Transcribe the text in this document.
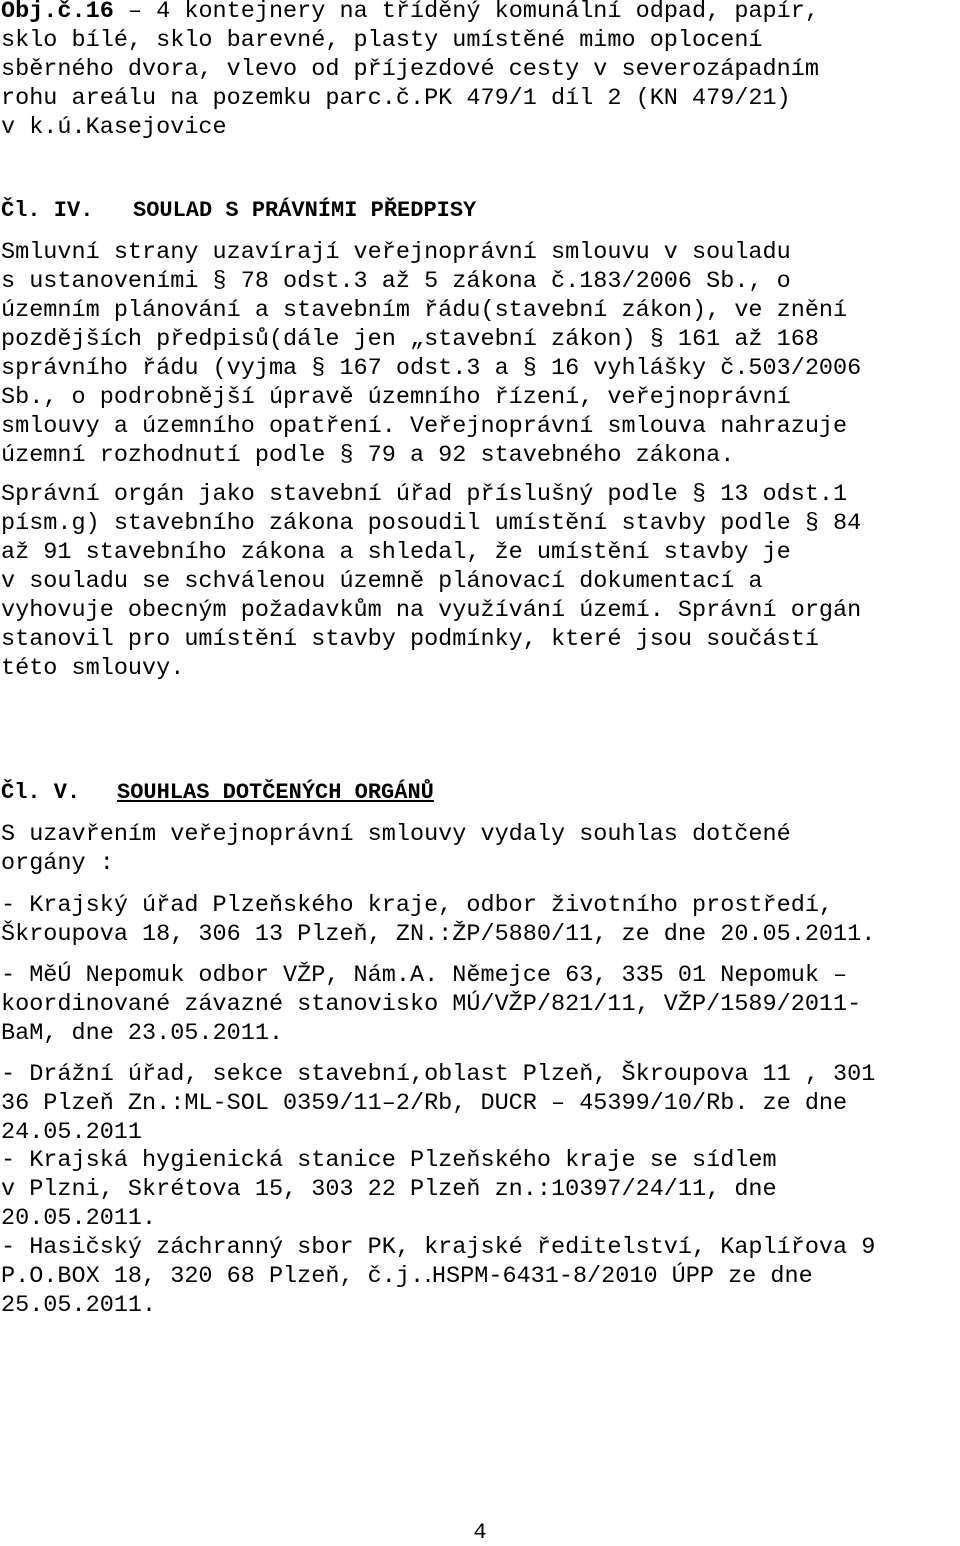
Obj.č.16 – 4 kontejnery na tříděný komunální odpad, papír,
sklo bílé, sklo barevné, plasty umístěné mimo oplocení
sběrného dvora, vlevo od příjezdové cesty v severozápadním
rohu areálu na pozemku parc.č.PK 479/1 díl 2 (KN 479/21)
v k.ú.Kasejovice
Čl. IV. SOULAD S PRÁVNÍMI PŘEDPISY
Smluvní strany uzavírají veřejnoprávní smlouvu v souladu
s ustanoveními § 78 odst.3 až 5 zákona č.183/2006 Sb., o
územním plánování a stavebním řádu(stavební zákon), ve znění
pozdějších předpisů(dále jen „stavební zákon) § 161 až 168
správního řádu (vyjma § 167 odst.3 a § 16 vyhlášky č.503/2006
Sb., o podrobnější úpravě územního řízení, veřejnoprávní
smlouvy a územního opatření. Veřejnoprávní smlouva nahrazuje
územní rozhodnutí podle § 79 a 92 stavebného zákona.
Správní orgán jako stavební úřad příslušný podle § 13 odst.1
písm.g) stavebního zákona posoudil umístění stavby podle § 84
až 91 stavebního zákona a shledal, že umístění stavby je
v souladu se schválenou územně plánovací dokumentací a
vyhovuje obecným požadavkům na využívání území. Správní orgán
stanovil pro umístění stavby podmínky, které jsou součástí
této smlouvy.
Čl. V. SOUHLAS DOTČENÝCH ORGÁNŮ
S uzavřením veřejnoprávní smlouvy vydaly souhlas dotčené
orgány :
- Krajský úřad Plzeňského kraje, odbor životního prostředí,
Škroupova 18, 306 13 Plzeň, ZN.:ŽP/5880/11, ze dne 20.05.2011.
- MěÚ Nepomuk odbor VŽP, Nám.A. Němejce 63, 335 01 Nepomuk –
koordinované závazné stanovisko MÚ/VŽP/821/11, VŽP/1589/2011-
BaM, dne 23.05.2011.
- Drážní úřad, sekce stavební,oblast Plzeň, Škroupova 11 , 301
36 Plzeň Zn.:ML-SOL 0359/11–2/Rb, DUCR – 45399/10/Rb. ze dne
24.05.2011
- Krajská hygienická stanice Plzeňského kraje se sídlem
v Plzni, Skrétova 15, 303 22 Plzeň zn.:10397/24/11, dne
20.05.2011.
- Hasičský záchranný sbor PK, krajské ředitelství, Kaplířova 9
P.O.BOX 18, 320 68 Plzeň, č.j.․HSPM-6431-8/2010 ÚPP ze dne
25.05.2011.
4
